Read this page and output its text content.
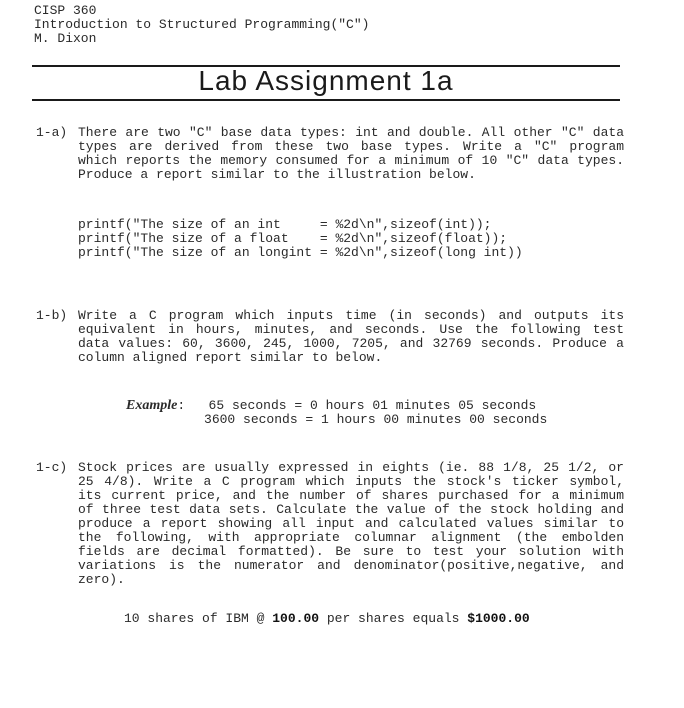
CISP 360
Introduction to Structured Programming("C")
M. Dixon
Lab Assignment 1a
1-a) There are two "C" base data types: int and double. All other "C" data types are derived from these two base types. Write a "C" program which reports the memory consumed for a minimum of 10 "C" data types. Produce a report similar to the illustration below.

printf("The size of an int     = %2d\n",sizeof(int));
printf("The size of a float    = %2d\n",sizeof(float));
printf("The size of an longint = %2d\n",sizeof(long int))
1-b) Write a C program which inputs time (in seconds) and outputs its equivalent in hours, minutes, and seconds. Use the following test data values: 60, 3600, 245, 1000, 7205, and 32769 seconds. Produce a column aligned report similar to below.

Example:   65 seconds = 0 hours 01 minutes 05 seconds
3600 seconds = 1 hours 00 minutes 00 seconds
1-c) Stock prices are usually expressed in eights (ie. 88 1/8, 25 1/2, or 25 4/8). Write a C program which inputs the stock's ticker symbol, its current price, and the number of shares purchased for a minimum of three test data sets. Calculate the value of the stock holding and produce a report showing all input and calculated values similar to the following, with appropriate columnar alignment (the embolden fields are decimal formatted). Be sure to test your solution with variations is the numerator and denominator(positive,negative, and zero).

10 shares of IBM @ 100.00 per shares equals $1000.00
